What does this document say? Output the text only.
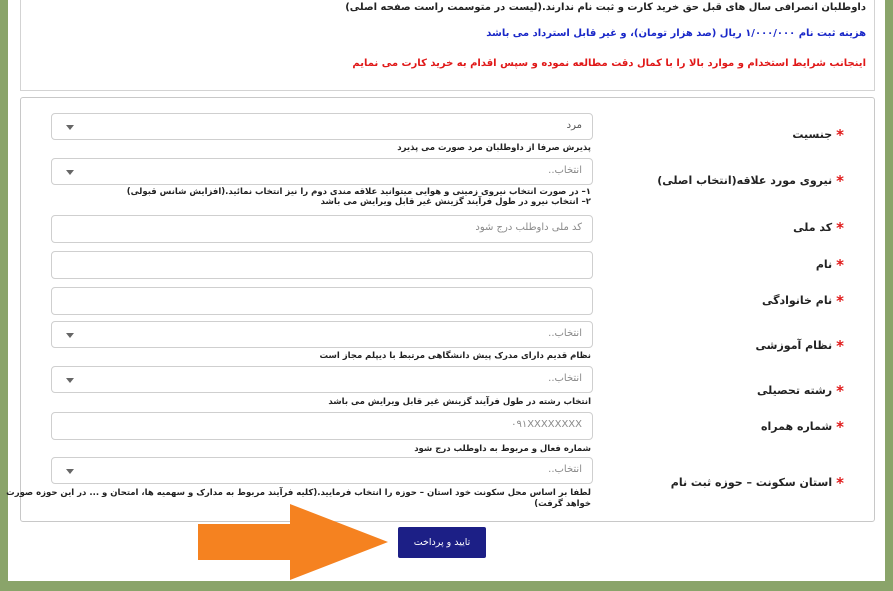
داوطلبان انصرافی سال های قبل حق خرید کارت و ثبت نام ندارند.(لیست در متوسمت راست صفحه اصلی)
هزینه ثبت نام ۱/۰۰۰/۰۰۰ ریال (صد هزار تومان)، و غیر قابل استرداد می باشد
اینجانب شرایط استخدام و موارد بالا را با کمال دقت مطالعه نموده و سپس اقدام به خرید کارت می نمایم
*جنسیت
مرد
پذیرش صرفا از داوطلبان مرد صورت می پذیرد
*نیروی مورد علاقه(انتخاب اصلی)
انتخاب..
۱– در صورت انتخاب نیروی زمینی و هوایی میتوانید علاقه مندی دوم را نیز انتخاب نمائید.(افزایش شانس قبولی)
۲– انتخاب نیرو در طول فرآیند گزینش غیر قابل ویرایش می باشد
*کد ملی
کد ملی داوطلب درج شود
*نام
*نام خانوادگی
*نظام آموزشی
انتخاب..
نظام قدیم دارای مدرک پیش دانشگاهی مرتبط با دیپلم مجاز است
*رشته تحصیلی
انتخاب..
انتخاب رشته در طول فرآیند گزینش غیر قابل ویرایش می باشد
*شماره همراه
۰۹۱XXXXXXXX
شماره فعال و مربوط به داوطلب درج شود
*استان سکونت – حوزه ثبت نام
انتخاب..
لطفا بر اساس محل سکونت خود استان – حوزه را انتخاب فرمایید.(کلیه فرآیند مربوط به مدارک و سهمیه ها، امتحان و ... در این حوزه صورت
خواهد گرفت)
تایید و پرداخت
